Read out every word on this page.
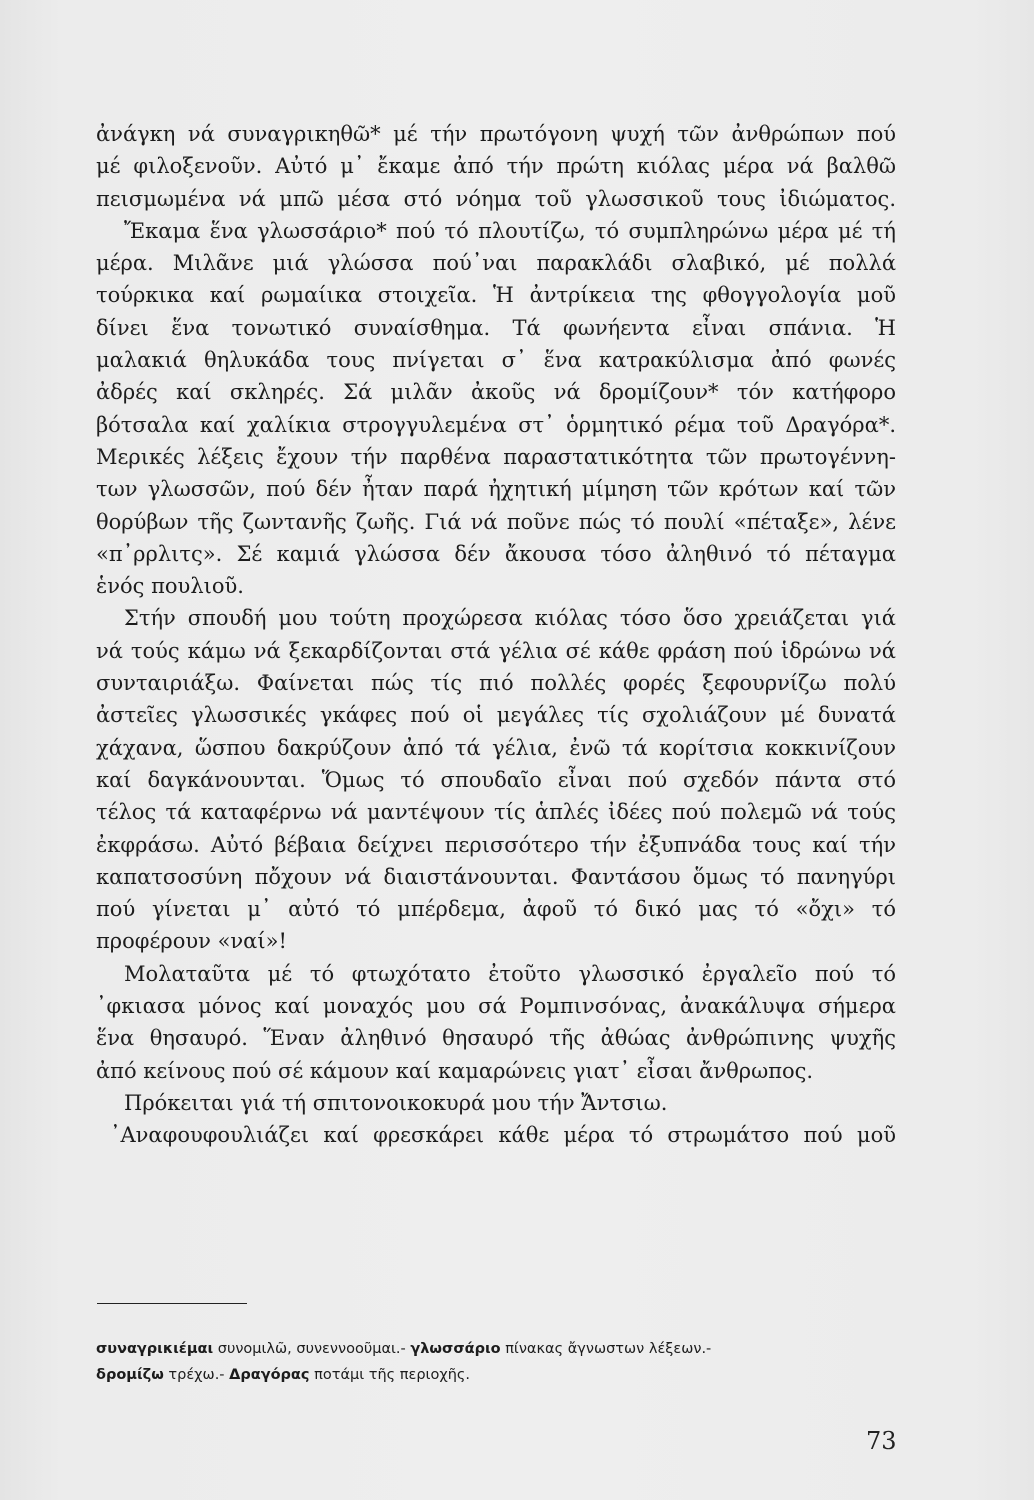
ἀνάγκη νά συναγρικηθῶ* μέ τήν πρωτόγονη ψυχή τῶν ἀνθρώπων πού
μέ φιλοξενοῦν. Αὐτό μ᾽ ἔκαμε ἀπό τήν πρώτη κιόλας μέρα νά βαλθῶ
πεισμωμένα νά μπῶ μέσα στό νόημα τοῦ γλωσσικοῦ τους ἰδιώματος.
Ἔκαμα ἕνα γλωσσάριο* πού τό πλουτίζω, τό συμπληρώνω μέρα μέ τή
μέρα. Μιλᾶνε μιά γλώσσα πού᾽ναι παρακλάδι σλαβικό, μέ πολλά
τούρκικα καί ρωμαίικα στοιχεῖα. Ἡ ἀντρίκεια της φθογγολογία μοῦ
δίνει ἕνα τονωτικό συναίσθημα. Τά φωνήεντα εἶναι σπάνια. Ἡ
μαλακιά θηλυκάδα τους πνίγεται σ᾽ ἕνα κατρακύλισμα ἀπό φωνές
ἀδρές καί σκληρές. Σά μιλᾶν ἀκοῦς νά δρομίζουν* τόν κατήφορο
βότσαλα καί χαλίκια στρογγυλεμένα στ᾽ ὁρμητικό ρέμα τοῦ Δραγόρα*.
Μερικές λέξεις ἔχουν τήν παρθένα παραστατικότητα τῶν πρωτογέννη-
των γλωσσῶν, πού δέν ἦταν παρά ἠχητική μίμηση τῶν κρότων καί τῶν
θορύβων τῆς ζωντανῆς ζωῆς. Γιά νά ποῦνε πώς τό πουλί «πέταξε», λένε
«π᾽ρρλιτς». Σέ καμιά γλώσσα δέν ἄκουσα τόσο ἀληθινό τό πέταγμα
ἑνός πουλιοῦ.
Στήν σπουδή μου τούτη προχώρεσα κιόλας τόσο ὅσο χρειάζεται γιά
νά τούς κάμω νά ξεκαρδίζονται στά γέλια σέ κάθε φράση πού ἱδρώνω νά
συνταιριάξω. Φαίνεται πώς τίς πιό πολλές φορές ξεφουρνίζω πολύ
ἀστεῖες γλωσσικές γκάφες πού οἱ μεγάλες τίς σχολιάζουν μέ δυνατά
χάχανα, ὥσπου δακρύζουν ἀπό τά γέλια, ἐνῶ τά κορίτσια κοκκινίζουν
καί δαγκάνουνται. Ὅμως τό σπουδαῖο εἶναι πού σχεδόν πάντα στό
τέλος τά καταφέρνω νά μαντέψουν τίς ἁπλές ἰδέες πού πολεμῶ νά τούς
ἐκφράσω. Αὐτό βέβαια δείχνει περισσότερο τήν ἐξυπνάδα τους καί τήν
καπατσοσύνη πὄχουν νά διαιστάνουνται. Φαντάσου ὅμως τό πανηγύρι
πού γίνεται μ᾽ αὐτό τό μπέρδεμα, ἀφοῦ τό δικό μας τό «ὄχι» τό
προφέρουν «ναί»!
Μολαταῦτα μέ τό φτωχότατο ἐτοῦτο γλωσσικό ἐργαλεῖο πού τό
᾽φκιασα μόνος καί μοναχός μου σά Ρομπινσόνας, ἀνακάλυψα σήμερα
ἕνα θησαυρό. Ἕναν ἀληθινό θησαυρό τῆς ἀθώας ἀνθρώπινης ψυχῆς
ἀπό κείνους πού σέ κάμουν καί καμαρώνεις γιατ᾽ εἶσαι ἄνθρωπος.
Πρόκειται γιά τή σπιτονοικοκυρά μου τήν Ἄντσιω.
᾽Αναφουφουλιάζει καί φρεσκάρει κάθε μέρα τό στρωμάτσο πού μοῦ
συναγρικιέμαι συνομιλῶ, συνεννοοῦμαι.- γλωσσάριο πίνακας ἄγνωστων λέξεων.-
δρομίζω τρέχω.- Δραγόρας ποτάμι τῆς περιοχῆς.
73
